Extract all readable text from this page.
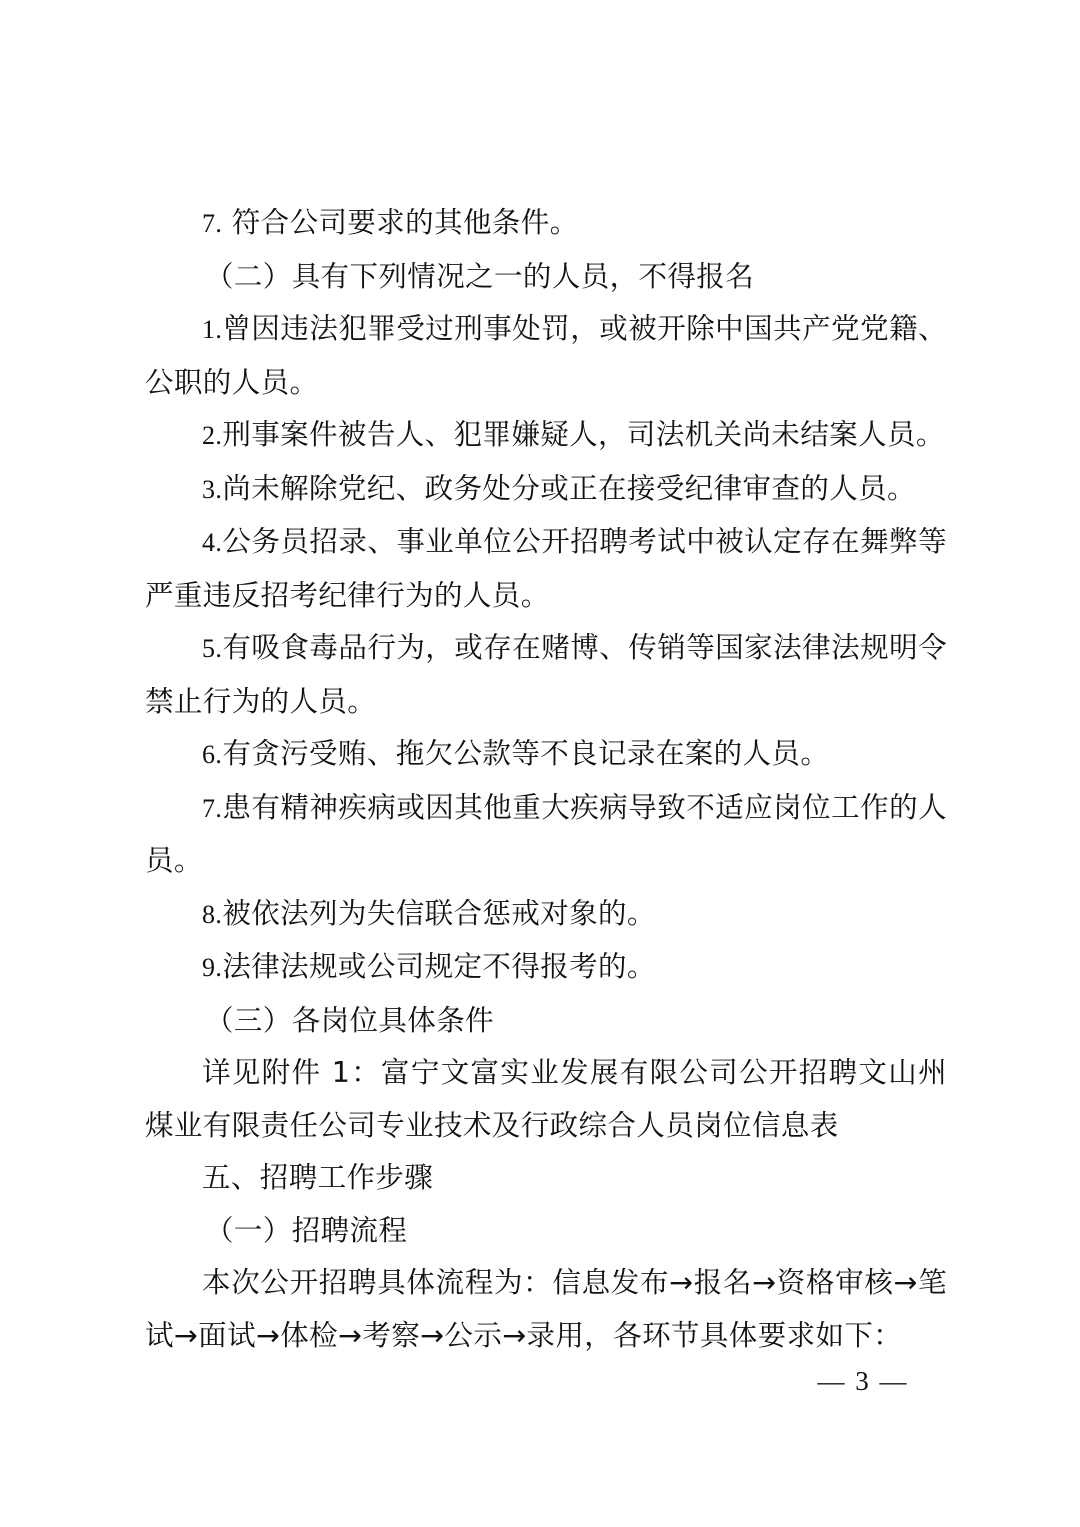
7. 符合公司要求的其他条件。

（二）具有下列情况之一的人员，不得报名

1.曾因违法犯罪受过刑事处罚，或被开除中国共产党党籍、公职的人员。

2.刑事案件被告人、犯罪嫌疑人，司法机关尚未结案人员。

3.尚未解除党纪、政务处分或正在接受纪律审查的人员。

4.公务员招录、事业单位公开招聘考试中被认定存在舞弊等严重违反招考纪律行为的人员。

5.有吸食毒品行为，或存在赌博、传销等国家法律法规明令禁止行为的人员。

6.有贪污受贿、拖欠公款等不良记录在案的人员。

7.患有精神疾病或因其他重大疾病导致不适应岗位工作的人员。

8.被依法列为失信联合惩戒对象的。

9.法律法规或公司规定不得报考的。

（三）各岗位具体条件

详见附件 1：富宁文富实业发展有限公司公开招聘文山州煤业有限责任公司专业技术及行政综合人员岗位信息表

五、招聘工作步骤

（一）招聘流程

本次公开招聘具体流程为：信息发布→报名→资格审核→笔试→面试→体检→考察→公示→录用，各环节具体要求如下：

— 3 —
